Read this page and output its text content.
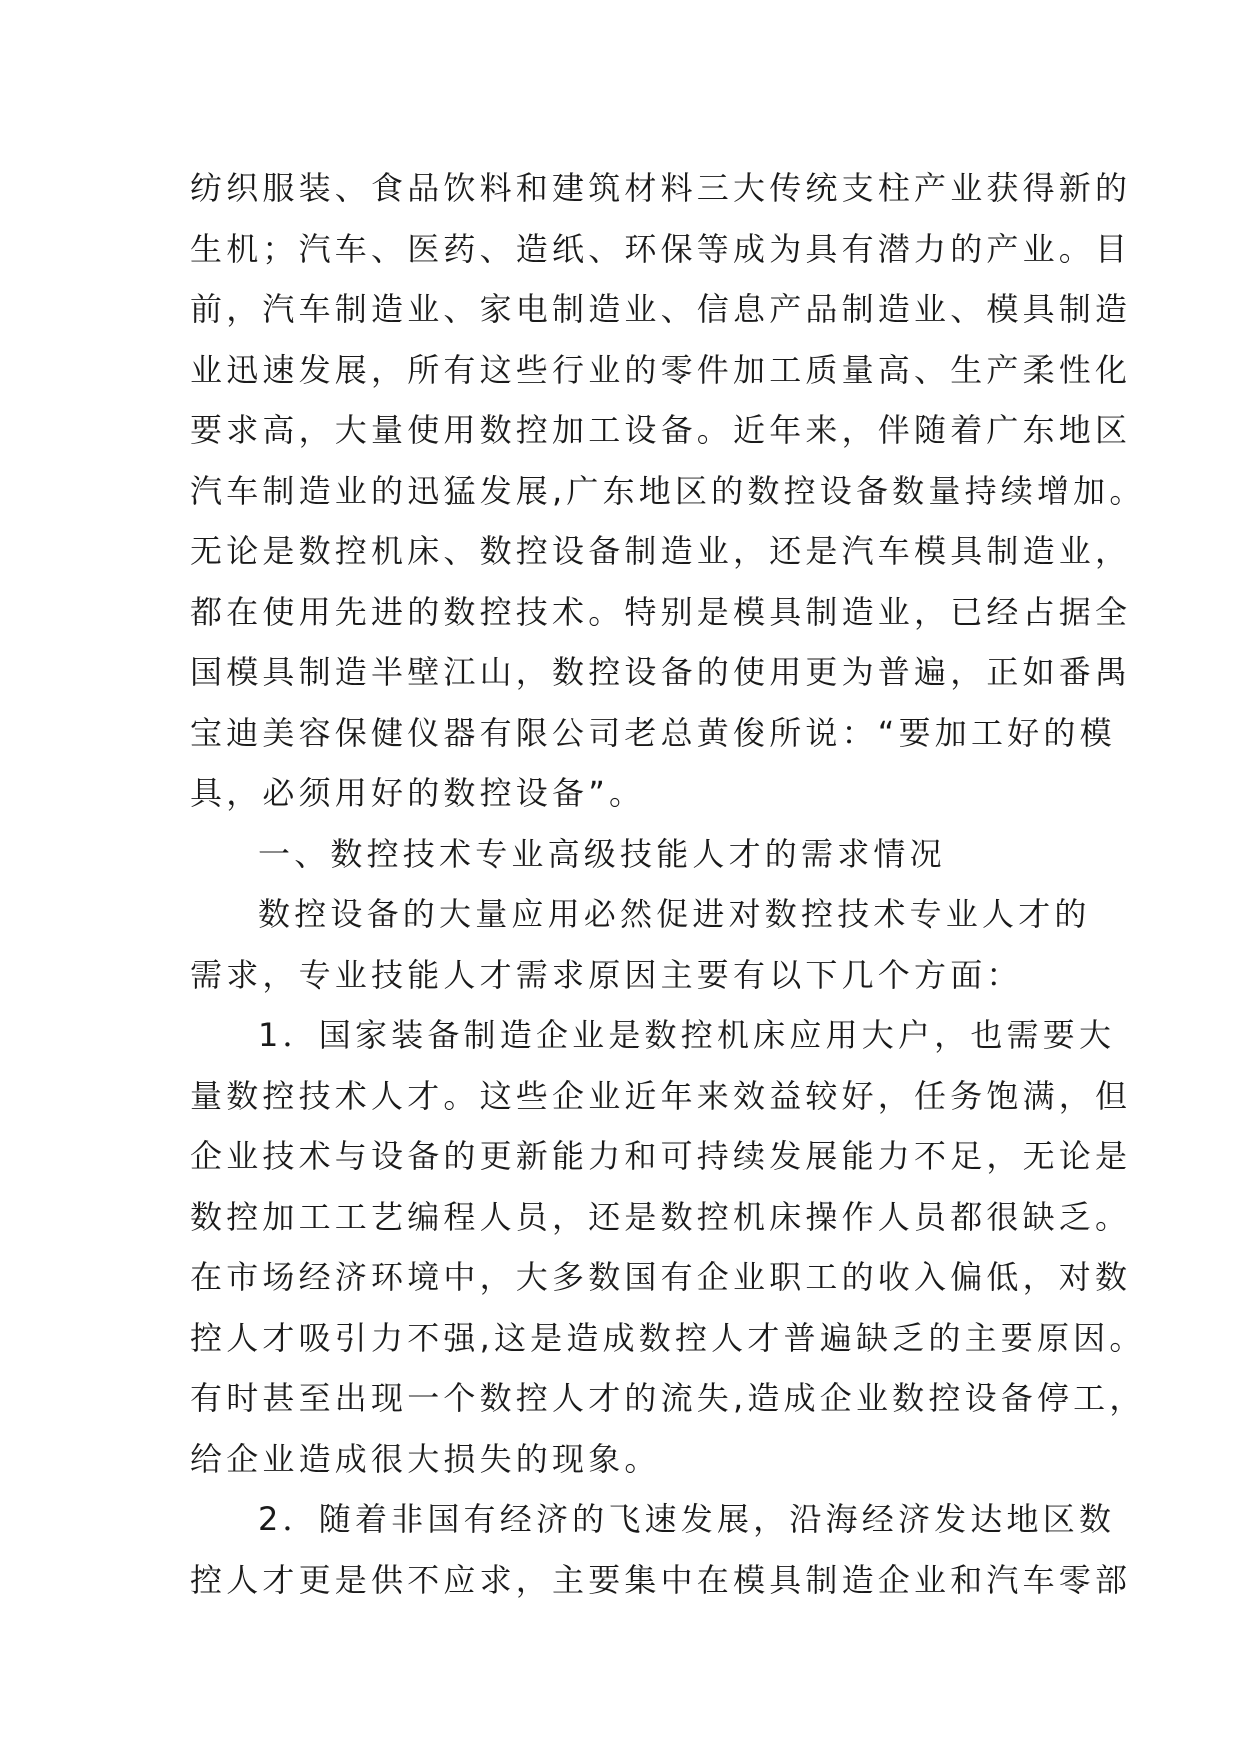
纺织服装、食品饮料和建筑材料三大传统支柱产业获得新的
生机；汽车、医药、造纸、环保等成为具有潜力的产业。目
前，汽车制造业、家电制造业、信息产品制造业、模具制造
业迅速发展，所有这些行业的零件加工质量高、生产柔性化
要求高，大量使用数控加工设备。近年来，伴随着广东地区
汽车制造业的迅猛发展,广东地区的数控设备数量持续增加。
无论是数控机床、数控设备制造业，还是汽车模具制造业，
都在使用先进的数控技术。特别是模具制造业，已经占据全
国模具制造半壁江山，数控设备的使用更为普遍，正如番禺
宝迪美容保健仪器有限公司老总黄俊所说：“要加工好的模
具，必须用好的数控设备”。
一、数控技术专业高级技能人才的需求情况
数控设备的大量应用必然促进对数控技术专业人才的
需求，专业技能人才需求原因主要有以下几个方面：
1．国家装备制造企业是数控机床应用大户，也需要大
量数控技术人才。这些企业近年来效益较好，任务饱满，但
企业技术与设备的更新能力和可持续发展能力不足，无论是
数控加工工艺编程人员，还是数控机床操作人员都很缺乏。
在市场经济环境中，大多数国有企业职工的收入偏低，对数
控人才吸引力不强,这是造成数控人才普遍缺乏的主要原因。
有时甚至出现一个数控人才的流失,造成企业数控设备停工，
给企业造成很大损失的现象。
2．随着非国有经济的飞速发展，沿海经济发达地区数
控人才更是供不应求，主要集中在模具制造企业和汽车零部
